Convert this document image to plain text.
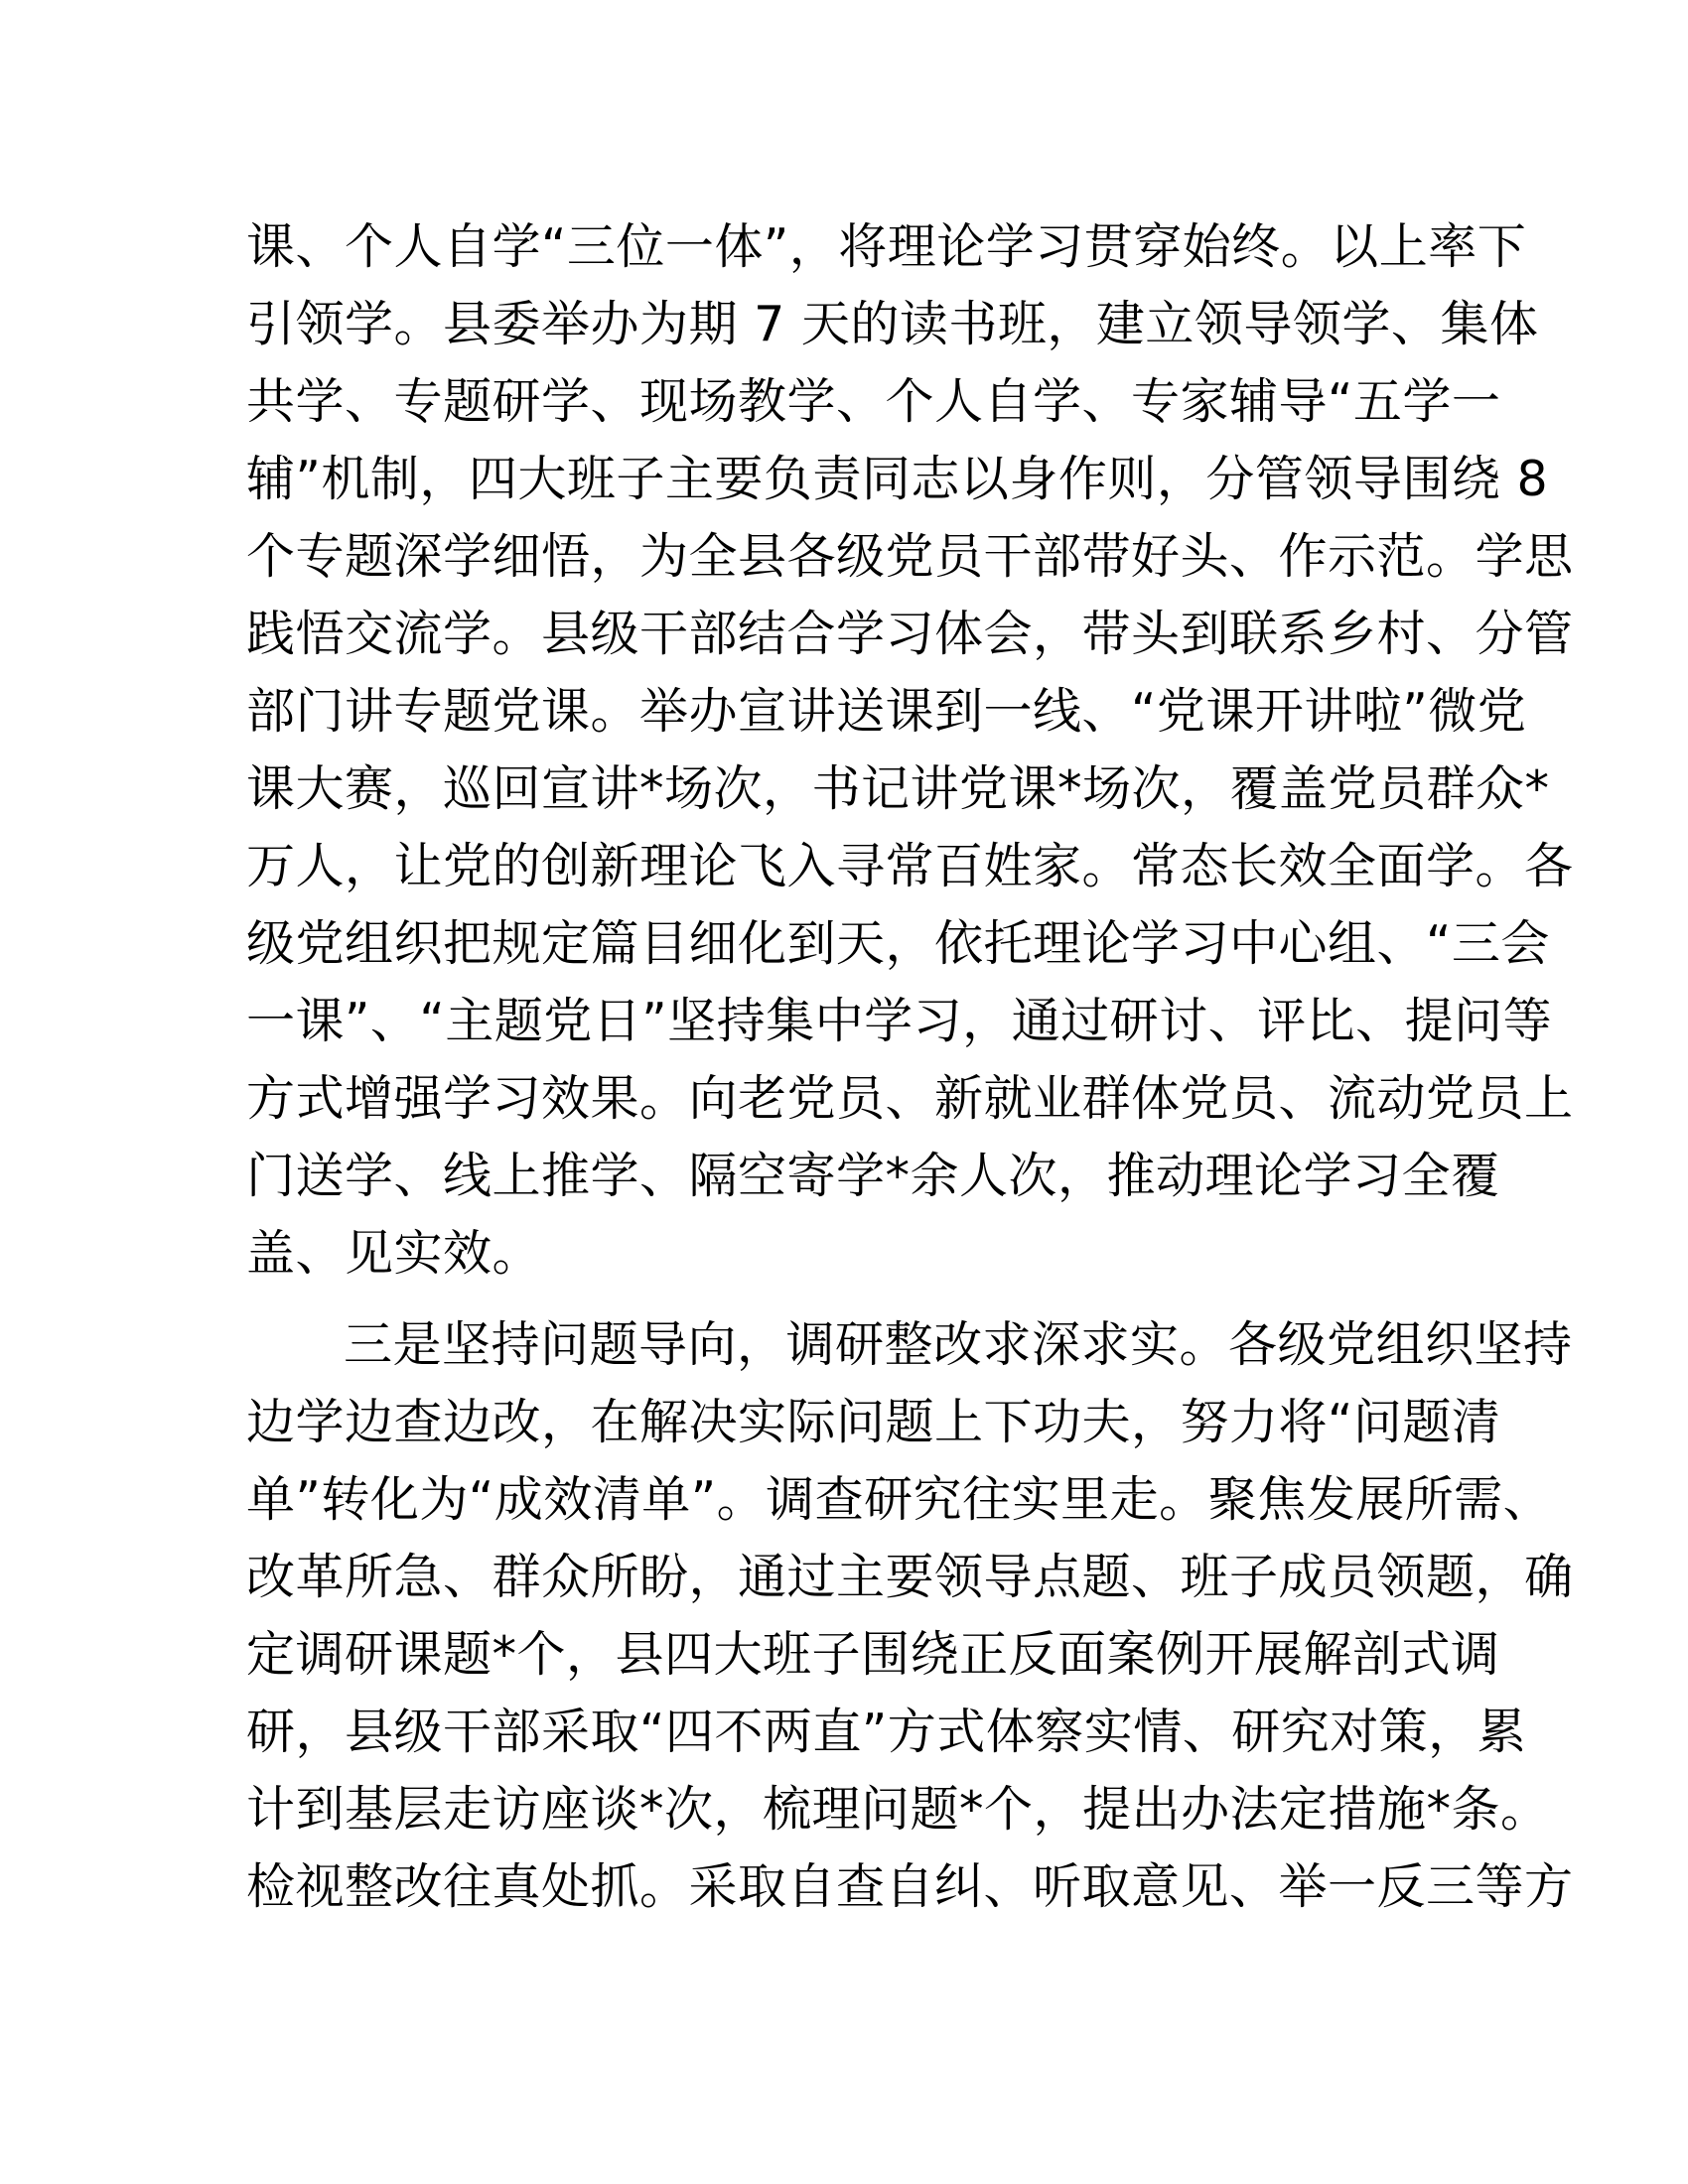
课、个人自学“三位一体”，将理论学习贯穿始终。以上率下
引领学。县委举办为期 7 天的读书班，建立领导领学、集体
共学、专题研学、现场教学、个人自学、专家辅导“五学一
辅”机制，四大班子主要负责同志以身作则，分管领导围绕 8
个专题深学细悟，为全县各级党员干部带好头、作示范。学思
践悟交流学。县级干部结合学习体会，带头到联系乡村、分管
部门讲专题党课。举办宣讲送课到一线、“党课开讲啦”微党
课大赛，巡回宣讲*场次，书记讲党课*场次，覆盖党员群众*
万人，让党的创新理论飞入寻常百姓家。常态长效全面学。各
级党组织把规定篇目细化到天，依托理论学习中心组、“三会
一课”、“主题党日”坚持集中学习，通过研讨、评比、提问等
方式增强学习效果。向老党员、新就业群体党员、流动党员上
门送学、线上推学、隔空寄学*余人次，推动理论学习全覆
盖、见实效。
三是坚持问题导向，调研整改求深求实。各级党组织坚持
边学边查边改，在解决实际问题上下功夫，努力将“问题清
单”转化为“成效清单”。调查研究往实里走。聚焦发展所需、
改革所急、群众所盼，通过主要领导点题、班子成员领题，确
定调研课题*个，县四大班子围绕正反面案例开展解剖式调
研，县级干部采取“四不两直”方式体察实情、研究对策，累
计到基层走访座谈*次，梳理问题*个，提出办法定措施*条。
检视整改往真处抓。采取自查自纠、听取意见、举一反三等方
